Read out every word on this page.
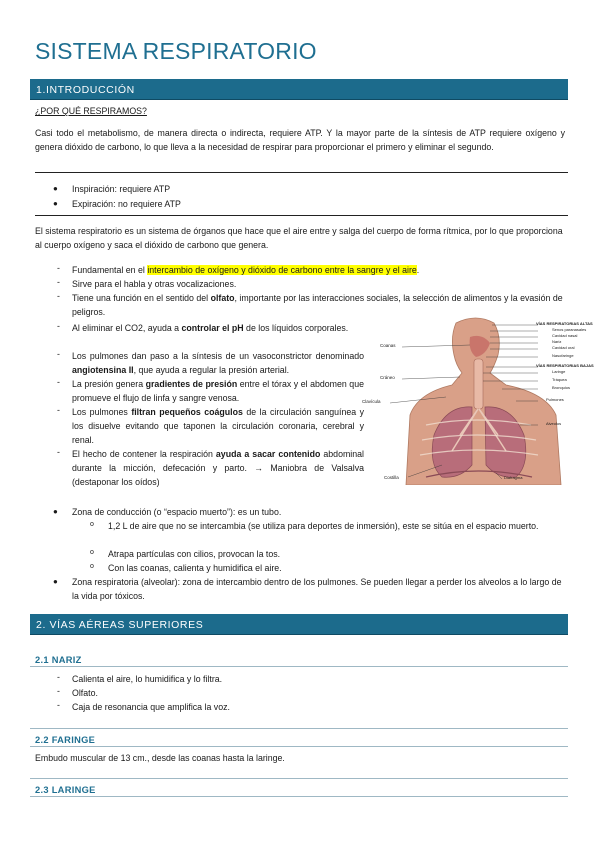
SISTEMA RESPIRATORIO
1.INTRODUCCIÓN
¿POR QUÉ RESPIRAMOS?
Casi todo el metabolismo, de manera directa o indirecta, requiere ATP. Y la mayor parte de la síntesis de ATP requiere oxígeno y genera dióxido de carbono, lo que lleva a la necesidad de respirar para proporcionar el primero y eliminar el segundo.
● Inspiración: requiere ATP
● Expiración: no requiere ATP
El sistema respiratorio es un sistema de órganos que hace que el aire entre y salga del cuerpo de forma rítmica, por lo que proporciona al cuerpo oxígeno y saca el dióxido de carbono que genera.
- Fundamental en el intercambio de oxígeno y dióxido de carbono entre la sangre y el aire.
- Sirve para el habla y otras vocalizaciones.
- Tiene una función en el sentido del olfato, importante por las interacciones sociales, la selección de alimentos y la evasión de peligros.
- Al eliminar el CO2, ayuda a controlar el pH de los líquidos corporales.
- Los pulmones dan paso a la síntesis de un vasoconstrictor denominado angiotensina II, que ayuda a regular la presión arterial.
- La presión genera gradientes de presión entre el tórax y el abdomen que promueve el flujo de linfa y sangre venosa.
- Los pulmones filtran pequeños coágulos de la circulación sanguínea y los disuelve evitando que taponen la circulación coronaria, cerebral y renal.
- El hecho de contener la respiración ayuda a sacar contenido abdominal durante la micción, defecación y parto. → Maniobra de Valsalva (destaponar los oídos)
Coanas
Cráneo
Clavícula
Costilla
VÍAS RESPIRATORIAS ALTAS
Senos paranasales
Cavidad nasal
Nariz
Cavidad oral
Nasofaringe
VÍAS RESPIRATORIAS BAJAS
Laringe
Tráquea
Bronquios
Pulmones
Alveolos
Diafragma
● Zona de conducción (o “espacio muerto”): es un tubo.
o 1,2 L de aire que no se intercambia (se utiliza para deportes de inmersión), este se sitúa en el espacio muerto.
o Atrapa partículas con cilios, provocan la tos.
o Con las coanas, calienta y humidifica el aire.
● Zona respiratoria (alveolar): zona de intercambio dentro de los pulmones. Se pueden llegar a perder los alveolos a lo largo de la vida por tóxicos.
2. VÍAS AÉREAS SUPERIORES
2.1 NARIZ
- Calienta el aire, lo humidifica y lo filtra.
- Olfato.
- Caja de resonancia que amplifica la voz.
2.2 FARINGE
Embudo muscular de 13 cm., desde las coanas hasta la laringe.
2.3 LARINGE
